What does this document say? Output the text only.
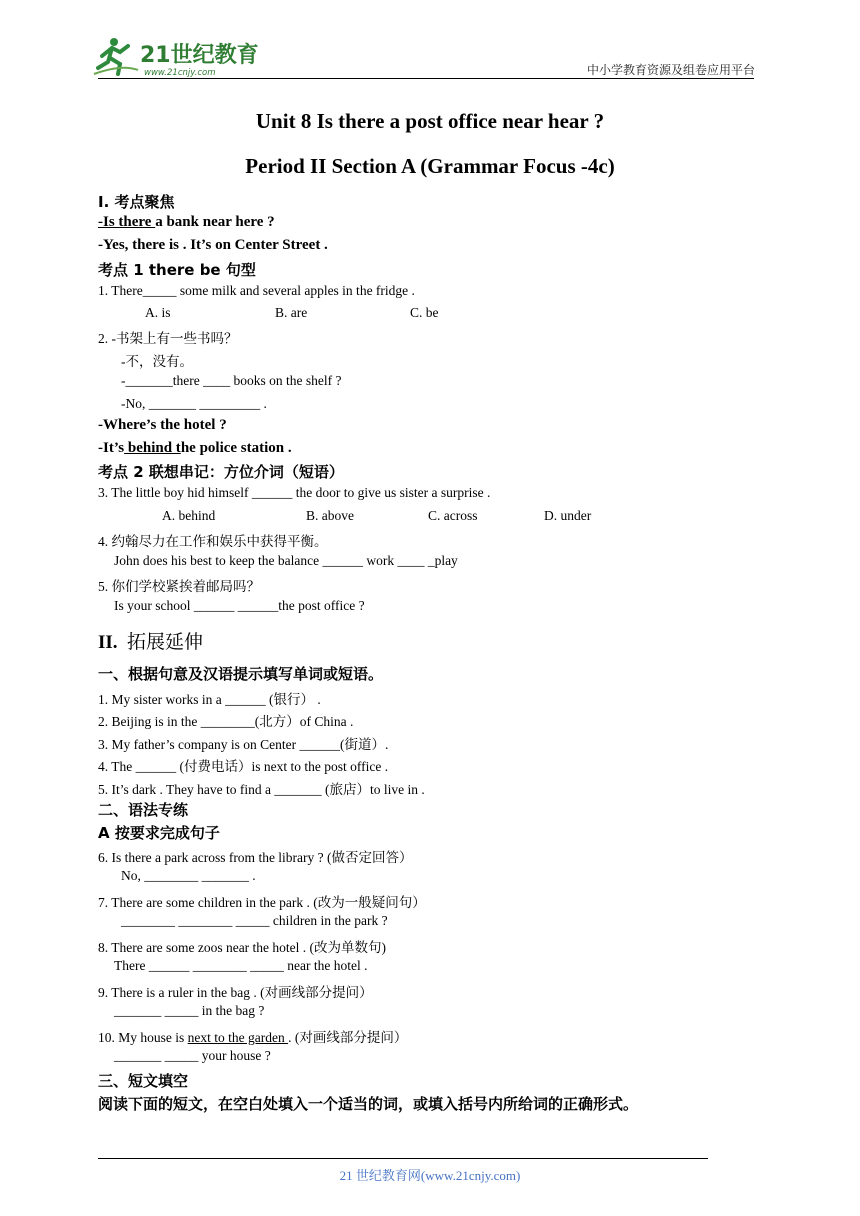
21世纪教育
www.21cnjy.com	中小学教育资源及组卷应用平台
Unit 8 Is there a post office near hear ?
Period II Section A (Grammar Focus -4c)
I. 考点聚焦
-Is there a bank near here ?
-Yes, there is . It’s on Center Street .
考点 1 there be 句型
1. There_____ some milk and several apples in the fridge .
A. is	B. are	C. be
2. -书架上有一些书吗？
-不，没有。
-_______there ____ books on the shelf ?
-No, _______ _________ .
-Where’s the hotel ?
-It’s behind the police station .
考点 2 联想串记：方位介词（短语）
3. The little boy hid himself ______ the door to give us sister a surprise .
A. behind	B. above	C. across	D. under
4. 约翰尽力在工作和娱乐中获得平衡。
John does his best to keep the balance ______ work ____ _play
5. 你们学校紧挨着邮局吗？
Is your school ______ ______the post office ?
II. 拓展延伸
一、根据句意及汉语提示填写单词或短语。
1. My sister works in a ______ (银行） .
2. Beijing is in the ________(北方）of China .
3. My father’s company is on Center ______(街道）.
4. The ______ (付费电话）is next to the post office .
5. It’s dark . They have to find a _______ (旅店）to live in .
二、语法专练
A 按要求完成句子
6. Is there a park across from the library ? (做否定回答）
No, ________ _______ .
7. There are some children in the park . (改为一般疑问句）
________ ________ _____ children in the park ?
8. There are some zoos near the hotel . (改为单数句)
There ______ ________ _____ near the hotel .
9. There is a ruler in the bag . (对画线部分提问）
_______ _____ in the bag ?
10. My house is next to the garden . (对画线部分提问）
_______ _____ your house ?
三、短文填空
阅读下面的短文，在空白处填入一个适当的词，或填入括号内所给词的正确形式。
21 世纪教育网(www.21cnjy.com)
